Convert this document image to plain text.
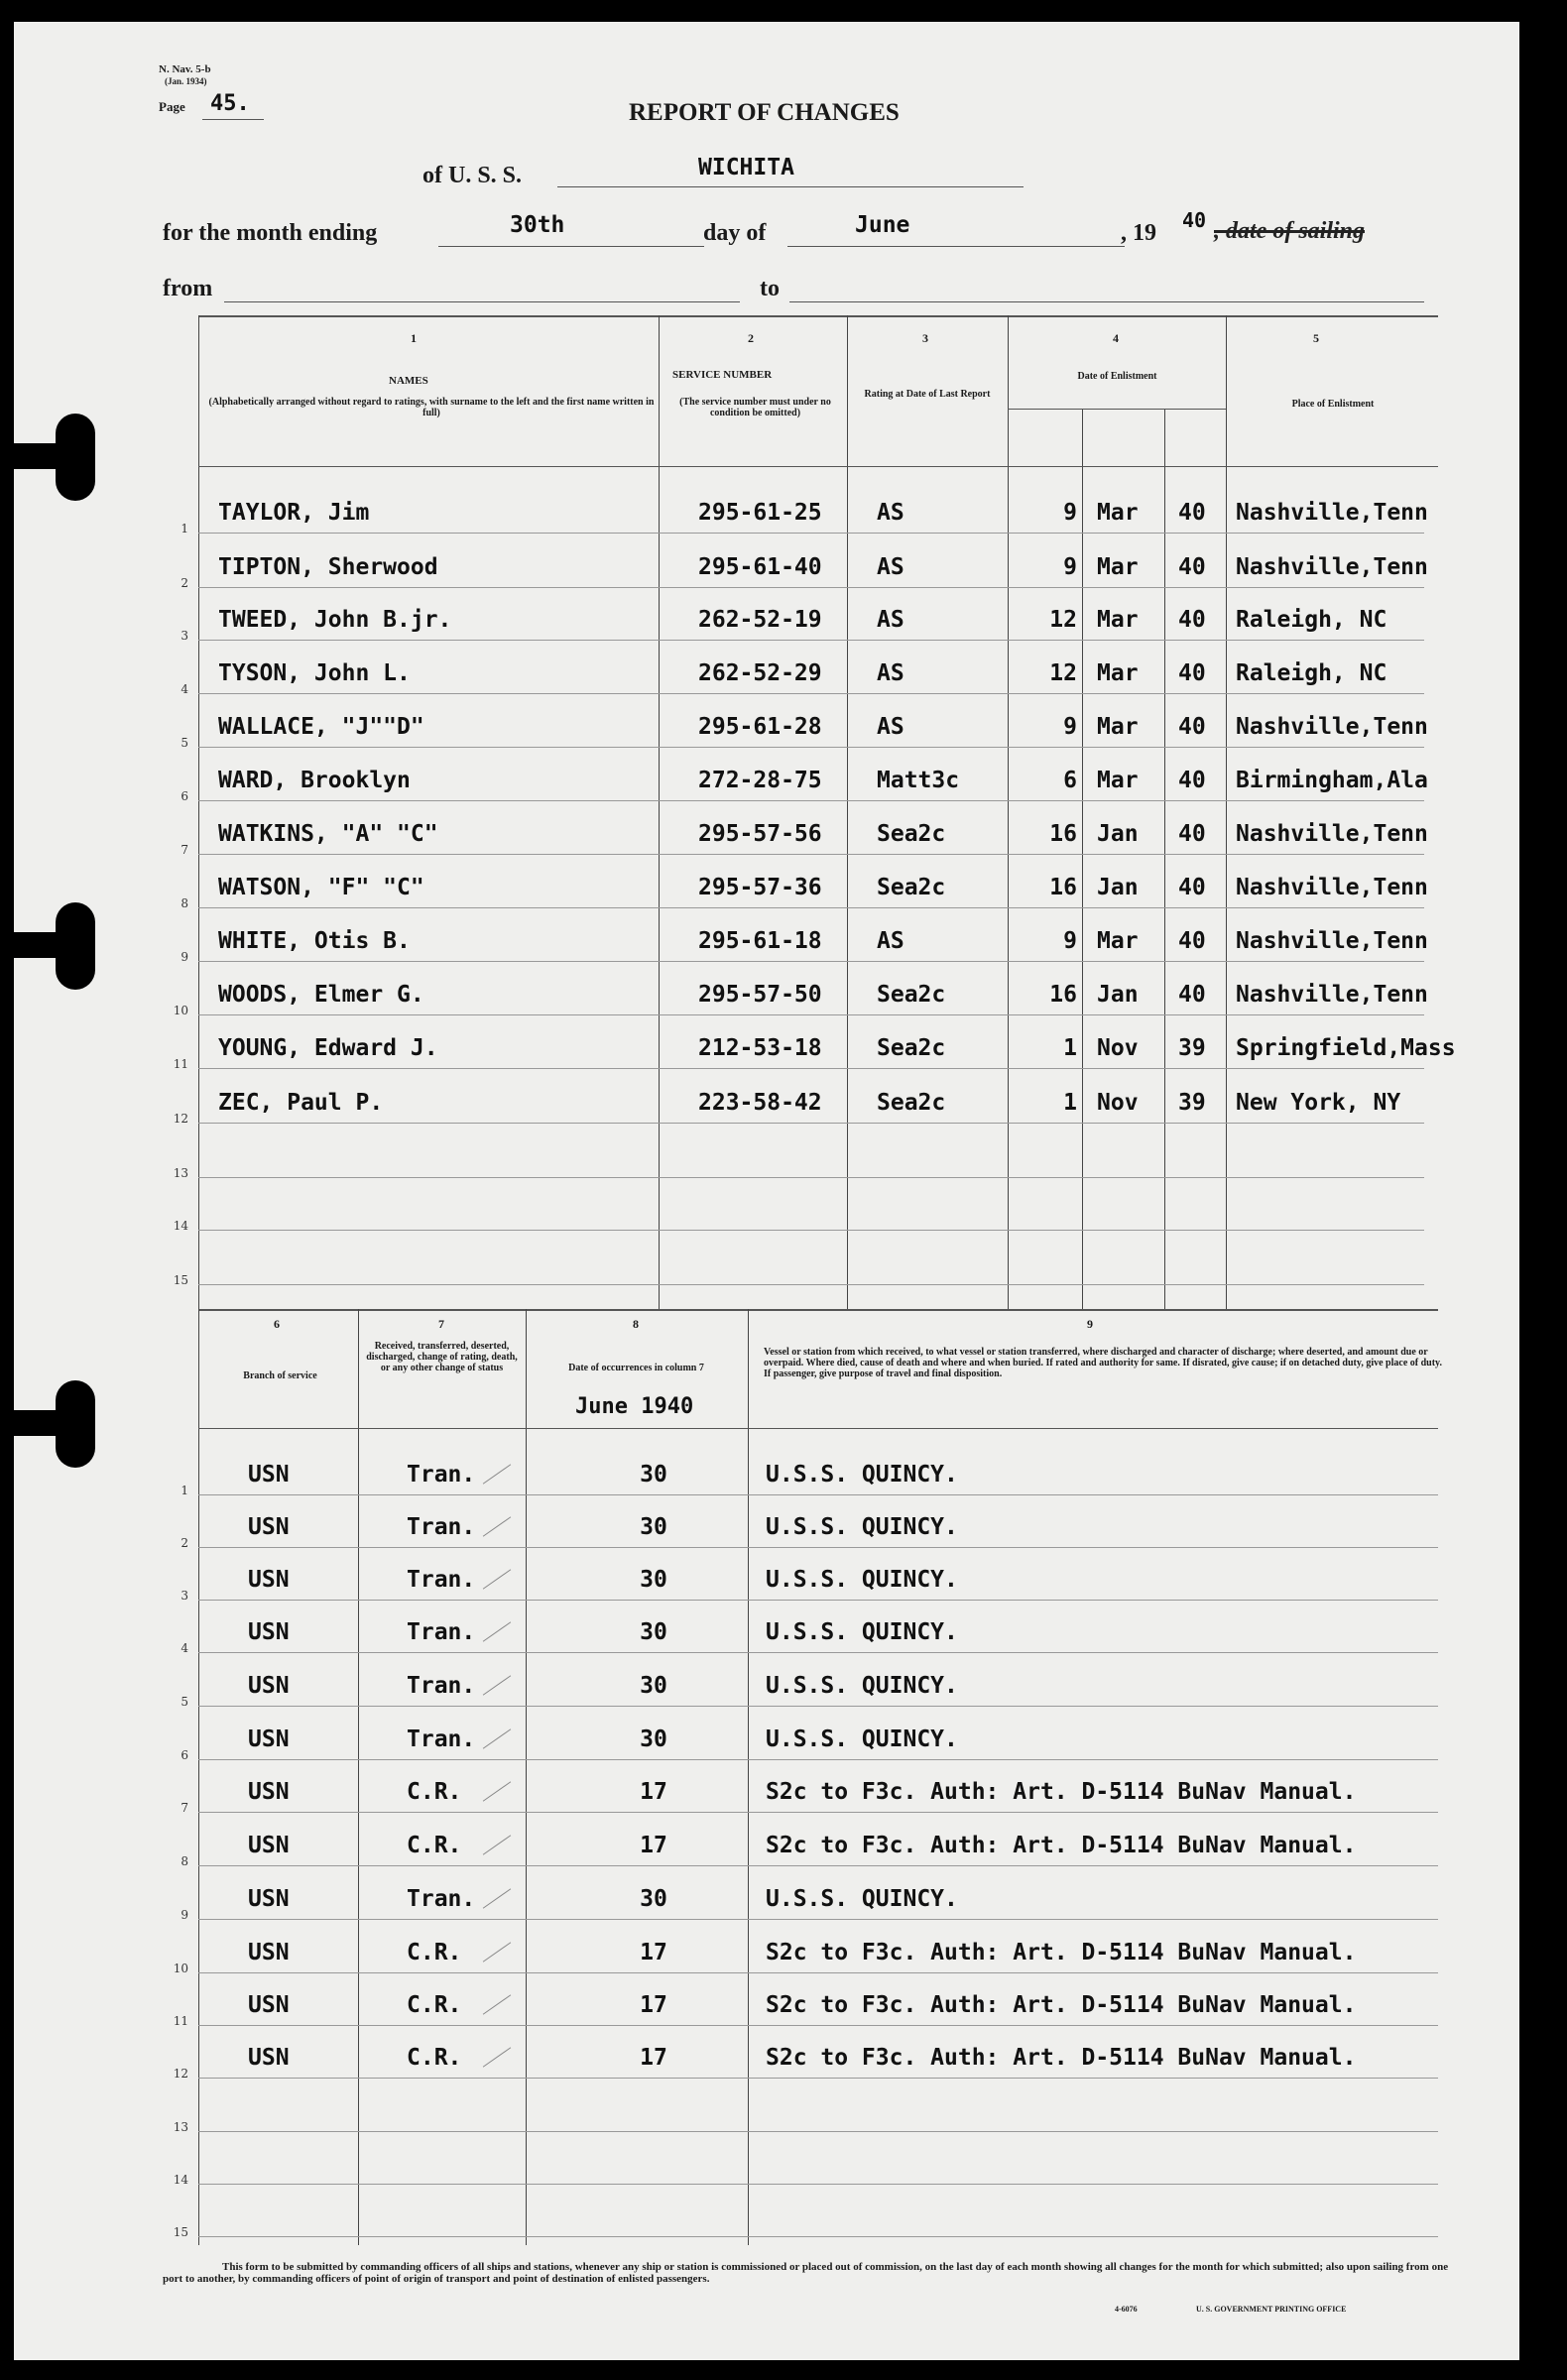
N. Nav. 5-b
(Jan. 1934)
Page 45.	REPORT OF CHANGES
of U. S. S.	WICHITA
for the month ending	30th	day of	June	, 19 40 , date of sailing
from	to
1
NAMES
(Alphabetically arranged without regard to ratings, with surname to the left and the first name written in full)
2
SERVICE NUMBER
(The service number must under no condition be omitted)
3
Rating at Date of Last Report
4
Date of Enlistment
5
Place of Enlistment
1
TAYLOR, Jim	295-61-25 AS	9 Mar 40 Nashville,Tenn
2
TIPTON, Sherwood	295-61-40 AS	9 Mar 40 Nashville,Tenn
3
TWEED, John B.jr.	262-52-19 AS	12 Mar 40 Raleigh, NC
4
TYSON, John L.	262-52-29 AS	12 Mar 40 Raleigh, NC
5
WALLACE, "J""D"	295-61-28 AS	9 Mar 40 Nashville,Tenn
6
WARD, Brooklyn	272-28-75 Matt3c	6 Mar 40 Birmingham,Ala
7
WATKINS, "A" "C"	295-57-56 Sea2c	16 Jan 40 Nashville,Tenn
8
WATSON, "F" "C"	295-57-36 Sea2c	16 Jan 40 Nashville,Tenn
9
WHITE, Otis B.	295-61-18 AS	9 Mar 40 Nashville,Tenn
10
WOODS, Elmer G.	295-57-50 Sea2c	16 Jan 40 Nashville,Tenn
11
YOUNG, Edward J.	212-53-18 Sea2c	1 Nov 39 Springfield,Mass
12
ZEC, Paul P.	223-58-42 Sea2c	1 Nov 39 New York, NY
13
14
15
6
Branch of service
7
Received, transferred, deserted, discharged, change of rating, death, or any other change of status
8
Date of occurrences in column 7
June 1940
9
Vessel or station from which received, to what vessel or station transferred, where discharged and character of discharge; where deserted, and amount due or overpaid. Where died, cause of death and where and when buried. If rated and authority for same. If disrated, give cause; if on detached duty, give place of duty. If passenger, give purpose of travel and final disposition.
1
USN	Tran.	30	U.S.S. QUINCY.
2
USN	Tran.	30	U.S.S. QUINCY.
3
USN	Tran.	30	U.S.S. QUINCY.
4
USN	Tran.	30	U.S.S. QUINCY.
5
USN	Tran.	30	U.S.S. QUINCY.
6
USN	Tran.	30	U.S.S. QUINCY.
7
USN	C.R.	17	S2c to F3c. Auth: Art. D-5114 BuNav Manual.
8
USN	C.R.	17	S2c to F3c. Auth: Art. D-5114 BuNav Manual.
9
USN	Tran.	30	U.S.S. QUINCY.
10
USN	C.R.	17	S2c to F3c. Auth: Art. D-5114 BuNav Manual.
11
USN	C.R.	17	S2c to F3c. Auth: Art. D-5114 BuNav Manual.
12
USN	C.R.	17	S2c to F3c. Auth: Art. D-5114 BuNav Manual.
13
14
15
This form to be submitted by commanding officers of all ships and stations, whenever any ship or station is commissioned or placed out of commission, on the last day of each month showing all changes for the month for which submitted; also upon sailing from one port to another, by commanding officers of point of origin of transport and point of destination of enlisted passengers.
4-6076	U. S. GOVERNMENT PRINTING OFFICE
